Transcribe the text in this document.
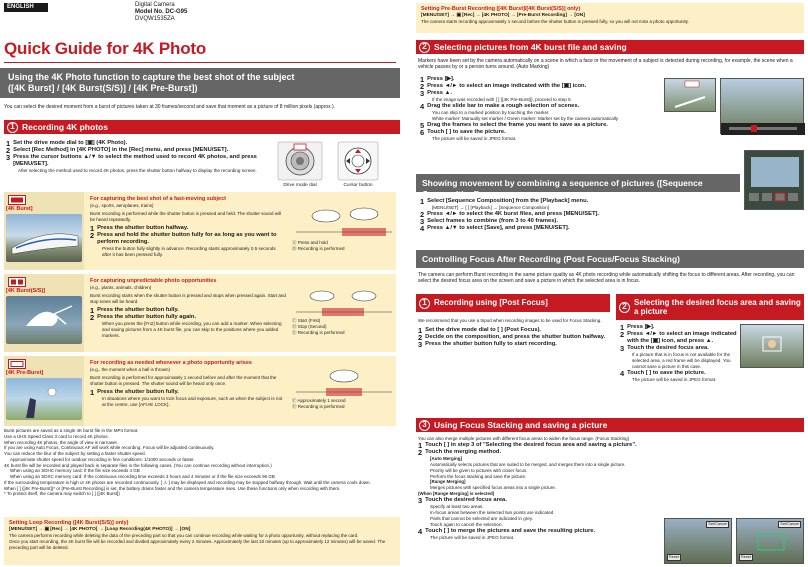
ENGLISH	Digital Camera
Model No. DC-G95
DVQW1535ZA
Quick Guide for 4K Photo
Using the 4K Photo function to capture the best shot of the subject
([4K Burst] / [4K Burst(S/S)] / [4K Pre-Burst])
You can select the desired moment from a burst of pictures taken at 30 frames/second and save that moment as a picture of 8 million pixels (approx.).
1 Recording 4K photos
1 Set the drive mode dial to [▣] (4K Photo).
2 Select [Rec Method] in [4K PHOTO] in the [Rec] menu, and press [MENU/SET].
3 Press the cursor buttons ▲/▼ to select the method used to record 4K photos, and press [MENU/SET].
After selecting the method used to record 4K photos, press the shutter button halfway to display the recording screen.
Drive mode dial	Cursor button
[4K Burst]
For capturing the best shot of a fast-moving subject
(e.g., sports, aeroplanes, trains)
Burst recording is performed while the shutter button is pressed and held. The shutter sound will be heard repeatedly.
1 Press the shutter button halfway.
2 Press and hold the shutter button fully for as long as you want to perform recording.
Press the button fully slightly in advance. Recording starts approximately 0.5 seconds after it has been pressed fully.
Ⓐ Press and hold
Ⓑ Recording is performed
[4K Burst(S/S)]
For capturing unpredictable photo opportunities
(e.g., plants, animals, children)
Burst recording starts when the shutter button is pressed and stops when pressed again. Start and stop tones will be heard.
1 Press the shutter button fully.
2 Press the shutter button fully again.
When you press the [Fn2] button while recording, you can add a marker. When selecting and saving pictures from a 4K burst file, you can skip to the positions where you added markers.
Ⓒ Start (First)
Ⓓ Stop (Second)
Ⓔ Recording is performed
[4K Pre-Burst]
For recording as needed whenever a photo opportunity arises
(e.g., the moment when a ball is thrown)
Burst recording is performed for approximately 1 second before and after the moment that the shutter button is pressed. The shutter sound will be heard only once.
1 Press the shutter button fully.
In situations where you want to lock focus and exposure, such as when the subject is not at the centre, use [AF/AE LOCK].
Ⓕ Approximately 1 second
Ⓖ Recording is performed
Burst pictures are saved as a single 4K burst file in the MP4 format.
Use a UHS Speed Class 3 card to record 4K photos.
When recording 4K photos, the angle of view is narrower.
If you are using Auto Focus, Continuous AF will work while recording. Focus will be adjusted continuously.
You can reduce the blur of the subject by setting a faster shutter speed.
Approximate shutter speed for outdoor recording in fine conditions: 1/1000 seconds or faster.
4K burst file will be recorded and played back in separate files in the following cases. (You can continue recording without interruption.)
When using an SDHC memory card: If the file size exceeds 4 GB
When using an SDXC memory card: If the continuous recording time exceeds 3 hours and 4 minutes or if the file size exceeds 96 GB
If the surrounding temperature is high or 4K photos are recorded continuously, [ ⚠ ] may be displayed and recording may be stopped halfway through. Wait until the camera cools down.
When [ ] ([4K Pre-Burst])* or [Pre-Burst Recording] is set, the battery drains faster and the camera temperature rises. Use these functions only when recording with them.
* To protect itself, the camera may switch to [ ] ([4K Burst])
Setting Loop Recording ([4K Burst(S/S)] only)
[MENU/SET] → ▣ [Rec] → [4K PHOTO] → [Loop Recording(4K PHOTO)] → [ON]
The camera performs recording while deleting the data of the preceding part so that you can continue recording while waiting for a photo opportunity, without replacing the card.
Once you start recording, the 4K burst file will be recorded and divided approximately every 2 minutes. Approximately the last 10 minutes (up to approximately 12 minutes) will be saved. The preceding part will be deleted.
Setting Pre-Burst Recording ([4K Burst]/[4K Burst(S/S)] only)
[MENU/SET] → ▣ [Rec] → [4K PHOTO] → [Pre-Burst Recording] → [ON]
The camera starts recording approximately 1 second before the shutter button is pressed fully, so you will not miss a photo opportunity.
2 Selecting pictures from 4K burst file and saving
Markers have been set by the camera automatically on a scene in which a face or the movement of a subject is detected during recording, for example, the scene when a vehicle passes by or a person turns around. (Auto Marking)
1 Press [▶].
2 Press ◄/► to select an image indicated with the [▣] icon.
3 Press ▲.
If the image was recorded with [ ] ([4K Pre-Burst]), proceed to step 5
4 Drag the slide bar to make a rough selection of scenes.
You can skip to a marked position by touching the marker.
White marker: Manually set marker / Green marker: Marker set by the camera automatically
5 Drag the frames to select the frame you want to save as a picture.
6 Touch [ ] to save the picture.
The picture will be saved in JPEG format.
Showing movement by combining a sequence of pictures ([Sequence Composition])
1 Select [Sequence Composition] from the [Playback] menu.
[MENU/SET] → [ ] [Playback] → [Sequence Composition]
2 Press ◄/► to select the 4K burst files, and press [MENU/SET].
3 Select frames to combine (from 3 to 40 frames).
4 Press ▲/▼ to select [Save], and press [MENU/SET].
Controlling Focus After Recording (Post Focus/Focus Stacking)
The camera can perform Burst recording in the same picture quality as 4K photo recording while automatically shifting the focus to different areas. After recording, you can select the desired focus area on the screen and save a picture in which the selected area is in focus.
1 Recording using [Post Focus]
We recommend that you use a tripod when recording images to be used for Focus Stacking.
1 Set the drive mode dial to [ ] (Post Focus).
2 Decide on the composition, and press the shutter button halfway.
3 Press the shutter button fully to start recording.
2
Selecting the desired focus area and saving a picture
1 Press [▶].
2 Press ◄/► to select an image indicated with the [▣] icon, and press ▲.
3 Touch the desired focus area.
If a picture that is in focus is not available for the selected area, a red frame will be displayed. You cannot save a picture in this case.
4 Touch [ ] to save the picture.
The picture will be saved in JPEG format.
3 Using Focus Stacking and saving a picture
You can also merge multiple pictures with different focus areas to widen the focus range. (Focus Stacking)
1 Touch [ ] in step 3 of "Selecting the desired focus area and saving a picture".
2 Touch the merging method.
[Auto Merging]
Automatically selects pictures that are suited to be merged, and merges them into a single picture.
Priority will be given to pictures with closer focus.
Perform the focus stacking and save the picture.
[Range Merging]
Merges pictures with specified focus areas into a single picture.
(When [Range Merging] is selected)
3 Touch the desired focus area.
Specify at least two areas.
In-focus areas between the selected two points are indicated
Parts that cannot be selected are indicated in grey.
Touch again to cancel the selection.
4 Touch [ ] to merge the pictures and save the resulting picture.
The picture will be saved in JPEG format.
Set/Cancel
Reset
Set/Cancel
Reset
